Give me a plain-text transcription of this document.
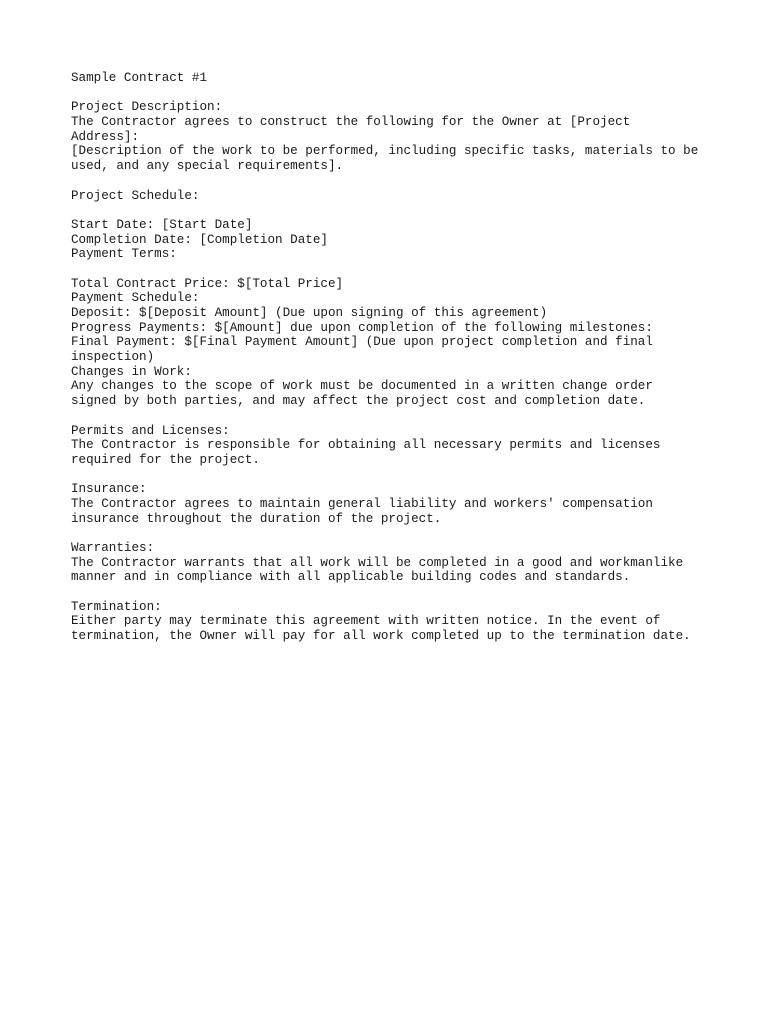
Sample Contract #1
Project Description:
The Contractor agrees to construct the following for the Owner at [Project
Address]:
[Description of the work to be performed, including specific tasks, materials to be
used, and any special requirements].
Project Schedule:
Start Date: [Start Date]
Completion Date: [Completion Date]
Payment Terms:
Total Contract Price: $[Total Price]
Payment Schedule:
Deposit: $[Deposit Amount] (Due upon signing of this agreement)
Progress Payments: $[Amount] due upon completion of the following milestones:
Final Payment: $[Final Payment Amount] (Due upon project completion and final
inspection)
Changes in Work:
Any changes to the scope of work must be documented in a written change order
signed by both parties, and may affect the project cost and completion date.
Permits and Licenses:
The Contractor is responsible for obtaining all necessary permits and licenses
required for the project.
Insurance:
The Contractor agrees to maintain general liability and workers' compensation
insurance throughout the duration of the project.
Warranties:
The Contractor warrants that all work will be completed in a good and workmanlike
manner and in compliance with all applicable building codes and standards.
Termination:
Either party may terminate this agreement with written notice. In the event of
termination, the Owner will pay for all work completed up to the termination date.
